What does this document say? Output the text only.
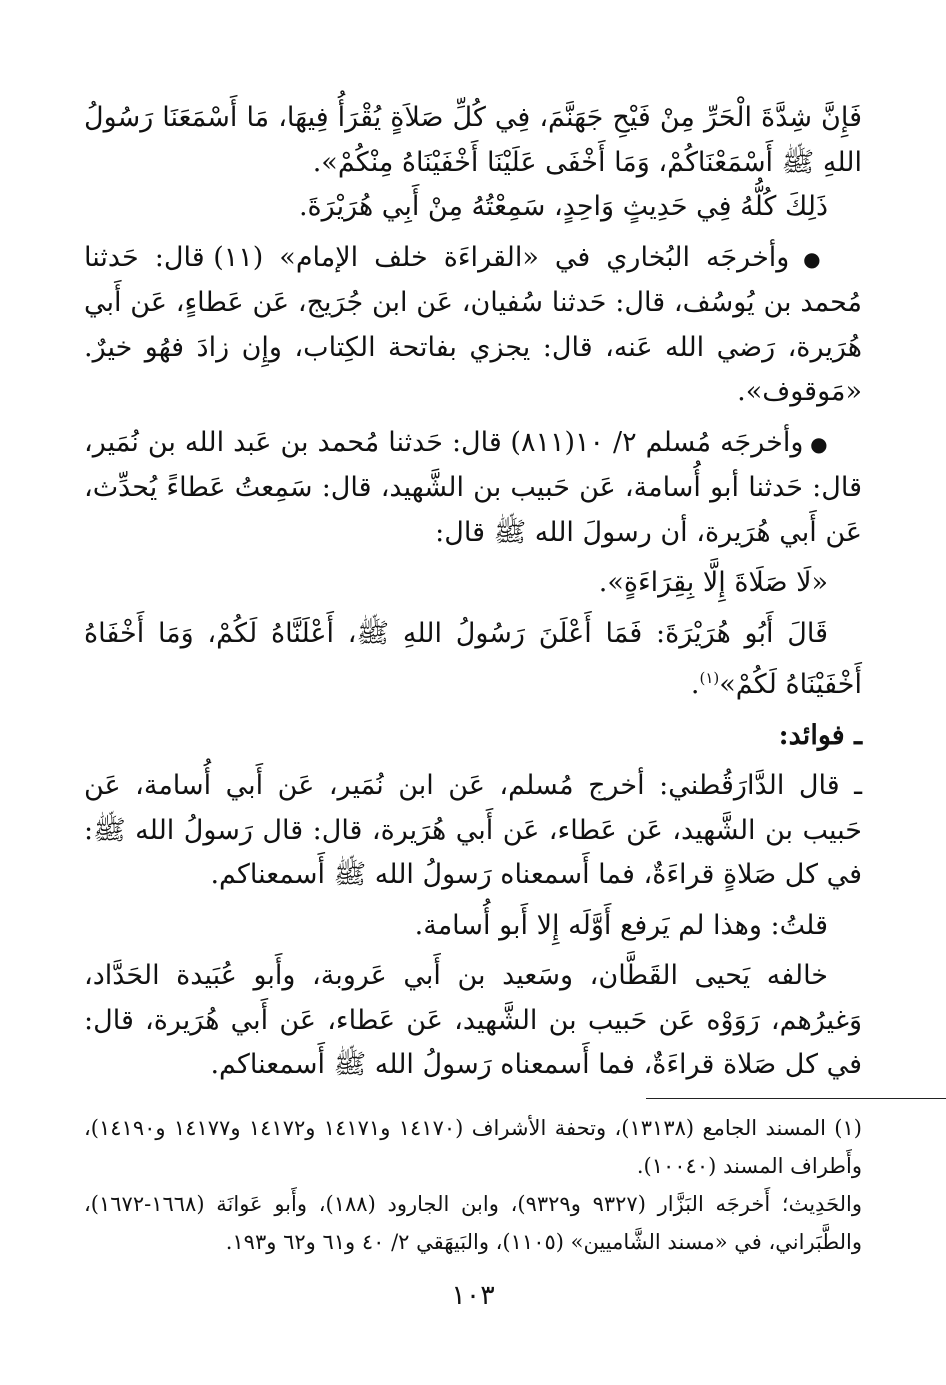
فَإِنَّ شِدَّةَ الْحَرِّ مِنْ فَيْحِ جَهَنَّمَ، فِي كُلِّ صَلاَةٍ يُقْرَأُ فِيهَا، مَا أَسْمَعَنَا رَسُولُ اللهِ ﷺ أَسْمَعْنَاكُمْ، وَمَا أَخْفَى عَلَيْنَا أَخْفَيْنَاهُ مِنْكُمْ».

ذَلِكَ كُلُّهُ فِي حَدِيثٍ وَاحِدٍ، سَمِعْتُهُ مِنْ أَبِي هُرَيْرَةَ.

● وأخرجَه البُخاري في «القراءَة خلف الإمام» (١١) قال: حَدثنا مُحمد بن يُوسُف، قال: حَدثنا سُفيان، عَن ابن جُرَيج، عَن عَطاءٍ، عَن أَبي هُرَيرة، رَضي الله عَنه، قال: يجزي بفاتحة الكِتاب، وإِن زادَ فهُو خيرٌ. «مَوقوف».

● وأخرجَه مُسلم ٢/ ١٠(٨١١) قال: حَدثنا مُحمد بن عَبد الله بن نُمَير، قال: حَدثنا أبو أُسامة، عَن حَبيب بن الشَّهيد، قال: سَمِعتُ عَطاءً يُحدِّث، عَن أَبي هُرَيرة، أن رسولَ الله ﷺ قال:

«لَا صَلَاةَ إِلَّا بِقِرَاءَةٍ».

قَالَ أَبُو هُرَيْرَةَ: فَمَا أَعْلَنَ رَسُولُ اللهِ ﷺ، أَعْلَنَّاهُ لَكُمْ، وَمَا أَخْفَاهُ أَخْفَيْنَاهُ لَكُمْ»$^{(١)}$.

ـ فوائد:

ـ قال الدَّارَقُطني: أخرج مُسلم، عَن ابن نُمَير، عَن أَبي أُسامة، عَن حَبيب بن الشَّهيد، عَن عَطاء، عَن أَبي هُرَيرة، قال: قال رَسولُ الله ﷺ: في كل صَلاةٍ قراءَةٌ، فما أَسمعناه رَسولُ الله ﷺ أَسمعناكم.

قلتُ: وهذا لم يَرفع أَوَّلَه إِلا أَبو أُسامة.

خالفه يَحيى القَطَّان، وسَعيد بن أَبي عَروبة، وأَبو عُبَيدة الحَدَّاد، وَغيرُهم، رَوَوْه عَن حَبيب بن الشَّهيد، عَن عَطاء، عَن أَبي هُرَيرة، قال: في كل صَلاة قراءَةٌ، فما أَسمعناه رَسولُ الله ﷺ أَسمعناكم.

(١) المسند الجامع (١٣١٣٨)، وتحفة الأشراف (١٤١٧٠ و١٤١٧١ و١٤١٧٢ و١٤١٧٧ و١٤١٩٠)، وأَطراف المسند (١٠٠٤٠).

والحَدِيث؛ أَخرجَه البَزَّار (٩٣٢٧ و٩٣٢٩)، وابن الجارود (١٨٨)، وأَبو عَوانَة (١٦٦٨-١٦٧٢)، والطَّبَراني، في «مسند الشَّاميين» (١١٠٥)، والبَيهَقي ٢/ ٤٠ و٦١ و٦٢ و١٩٣.

١٠٣
